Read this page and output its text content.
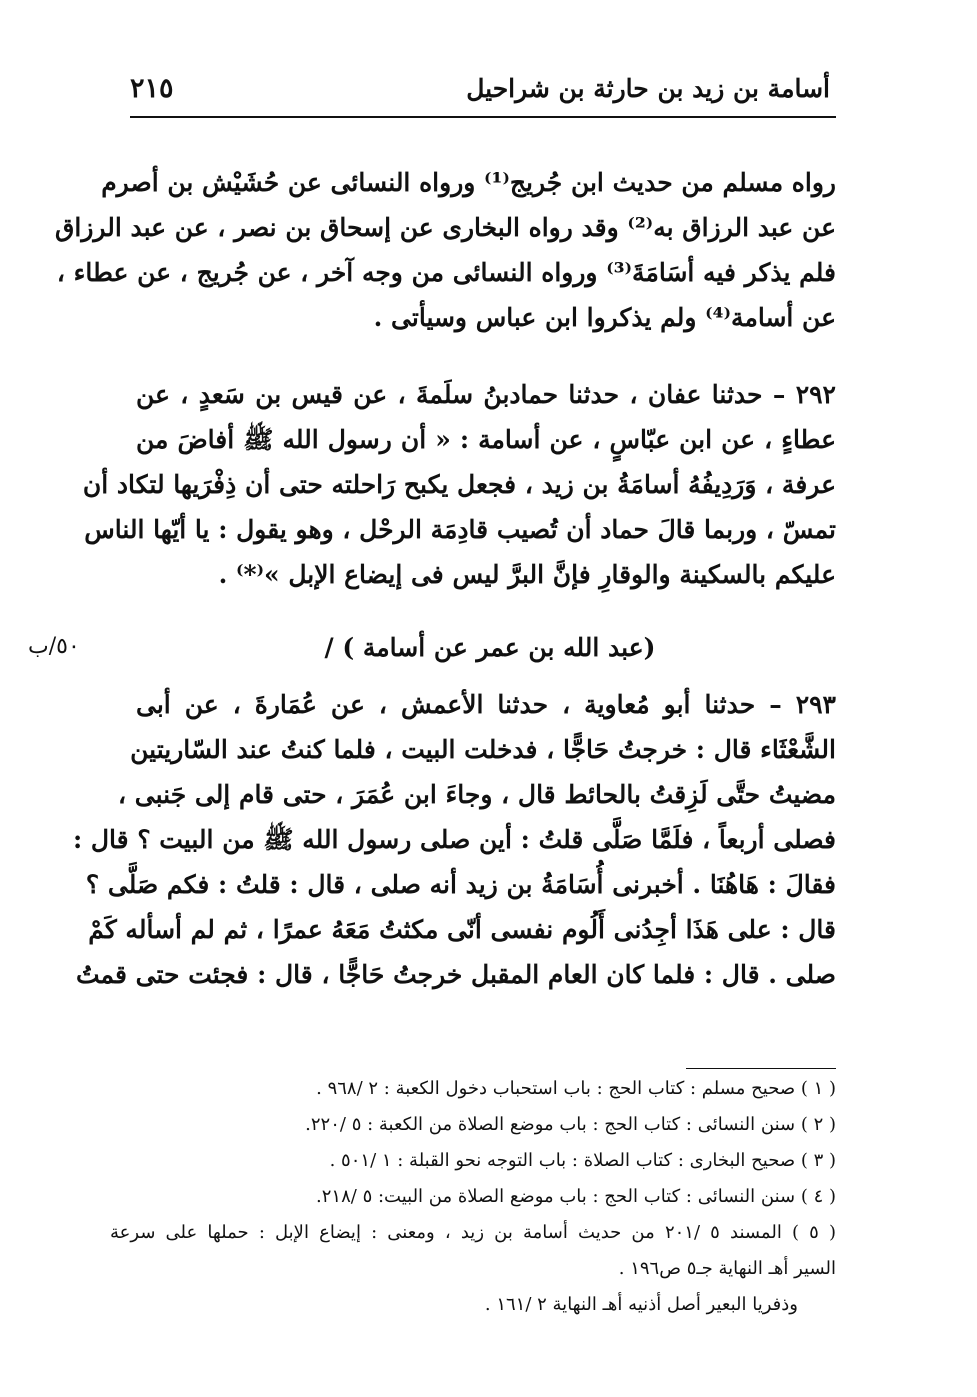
أسامة بن زيد بن حارثة بن شراحيل
٢١٥
رواه مسلم من حديث ابن جُريج⁽¹⁾ ورواه النسائى عن حُشَيْش بن أصرم
عن عبد الرزاق به⁽²⁾ وقد رواه البخارى عن إسحاق بن نصر ، عن عبد الرزاق
فلم يذكر فيه أسَامَةَ⁽³⁾ ورواه النسائى من وجه آخر ، عن جُريج ، عن عطاء ،
عن أسامة⁽⁴⁾ ولم يذكروا ابن عباس وسيأتى .
٢٩٢ – حدثنا عفان ، حدثنا حمادبنُ سلَمةَ ، عن قيس بن سَعدٍ ، عن
عطاءٍ ، عن ابن عبّاسٍ ، عن أسامة : « أن رسول الله ﷺ أفاضَ من
عرفة ، وَرَدِيفُهُ أسامَةُ بن زيد ، فجعل يكبح رَاحلته حتى أن ذِفْرَيها لتكاد أن
تمسّ ، وربما قالَ حماد أن تُصيب قادِمَة الرحْل ، وهو يقول : يا أيّها الناس
عليكم بالسكينة والوقارِ فإنَّ البرَّ ليس فى إيضاع الإبل »⁽*⁾ .
(عبد الله بن عمر عن أسامة ) /
٥٠/ب
٢٩٣ – حدثنا أبو مُعاوية ، حدثنا الأعمش ، عن عُمَارةَ ، عن أبى
الشَّعْثَاء قال : خرجتُ حَاجًّا ، فدخلت البيت ، فلما كنتُ عند السّاريتين
مضيتُ حتَّى لَزِقتُ بالحائط قال ، وجاءَ ابن عُمَرَ ، حتى قام إلى جَنبى ،
فصلى أربعاً ، فلَمَّا صَلَّى قلتُ : أين صلى رسول الله ﷺ من البيت ؟ قال :
فقالَ : هَاهُنَا . أخبرنى أُسَامَةُ بن زيد أنه صلى ، قال : قلتُ : فكم صَلَّى ؟
قال : على هَذَا أجِدُنى أَلُوم نفسى أنّى مكثتُ مَعَهُ عمرًا ، ثم لم أسأله كَمْ
صلى . قال : فلما كان العام المقبل خرجتُ حَاجًّا ، قال : فجئت حتى قمتُ
( ١ ) صحيح مسلم : كتاب الحج : باب استحباب دخول الكعبة : ٢ /٩٦٨ .
( ٢ ) سنن النسائى : كتاب الحج : باب موضع الصلاة من الكعبة : ٥ /٢٢٠.
( ٣ ) صحيح البخارى : كتاب الصلاة : باب التوجه نحو القبلة : ١ /٥٠١ .
( ٤ ) سنن النسائى : كتاب الحج : باب موضع الصلاة من البيت: ٥ /٢١٨.
( ٥ ) المسند ٥ /٢٠١ من حديث أسامة بن زيد ، ومعنى : إيضاع الإبل : حملها على سرعة
السير أهـ النهاية جـ٥ ص١٩٦ .
وذفريا البعير أصل أذنيه أهـ النهاية ٢ /١٦١ .
